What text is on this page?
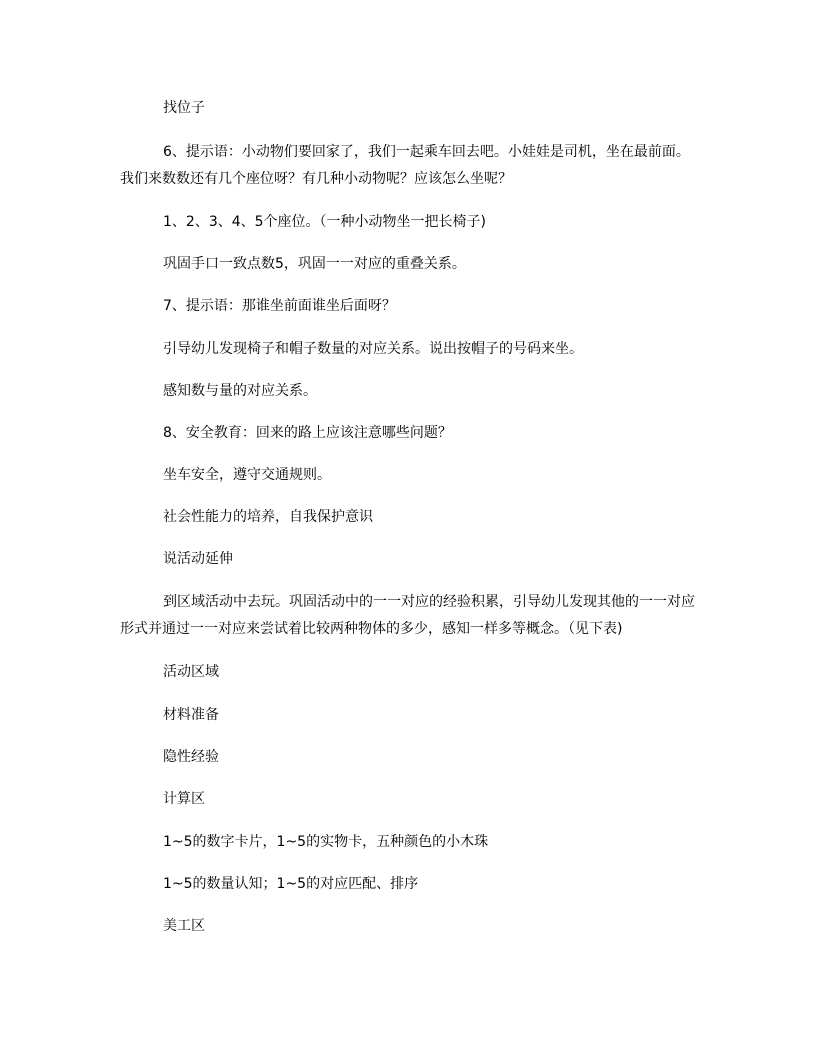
找位子

6、提示语：小动物们要回家了，我们一起乘车回去吧。小娃娃是司机，坐在最前面。我们来数数还有几个座位呀？有几种小动物呢？应该怎么坐呢？

1、2、3、4、5个座位。（一种小动物坐一把长椅子)

巩固手口一致点数5，巩固一一对应的重叠关系。

7、提示语：那谁坐前面谁坐后面呀？

引导幼儿发现椅子和帽子数量的对应关系。说出按帽子的号码来坐。

感知数与量的对应关系。

8、安全教育：回来的路上应该注意哪些问题？

坐车安全，遵守交通规则。

社会性能力的培养，自我保护意识

说活动延伸

到区域活动中去玩。巩固活动中的一一对应的经验积累，引导幼儿发现其他的一一对应形式并通过一一对应来尝试着比较两种物体的多少，感知一样多等概念。（见下表)

活动区域

材料准备

隐性经验

计算区

1~5的数字卡片，1~5的实物卡，五种颜色的小木珠

1~5的数量认知；1~5的对应匹配、排序

美工区
